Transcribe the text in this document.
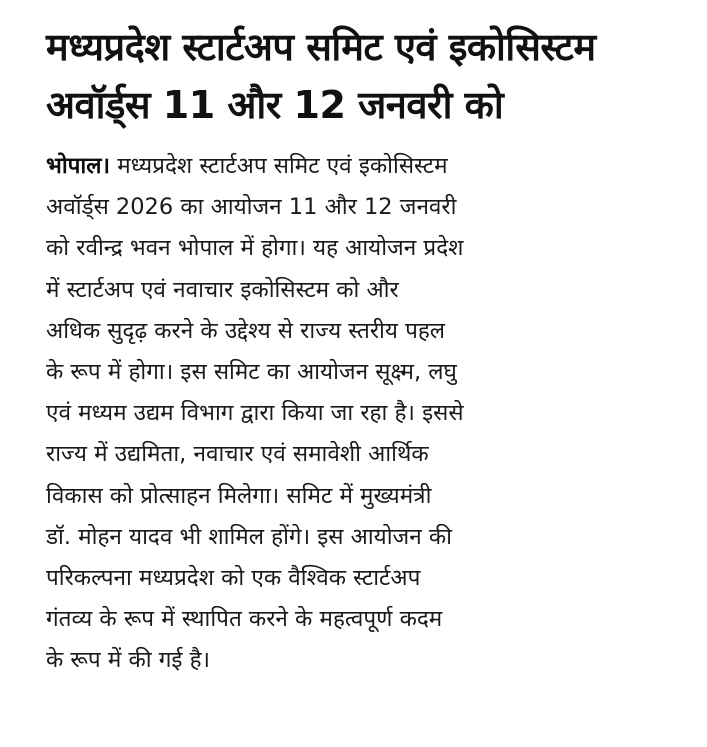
मध्यप्रदेश स्टार्टअप समिट एवं इकोसिस्टम
अवॉर्ड्स 11 और 12 जनवरी को
भोपाल। मध्यप्रदेश स्टार्टअप समिट एवं इकोसिस्टम
अवॉर्ड्स 2026 का आयोजन 11 और 12 जनवरी
को रवीन्द्र भवन भोपाल में होगा। यह आयोजन प्रदेश
में स्टार्टअप एवं नवाचार इकोसिस्टम को और
अधिक सुदृढ़ करने के उद्देश्य से राज्य स्तरीय पहल
के रूप में होगा। इस समिट का आयोजन सूक्ष्म, लघु
एवं मध्यम उद्यम विभाग द्वारा किया जा रहा है। इससे
राज्य में उद्यमिता, नवाचार एवं समावेशी आर्थिक
विकास को प्रोत्साहन मिलेगा। समिट में मुख्यमंत्री
डॉ. मोहन यादव भी शामिल होंगे। इस आयोजन की
परिकल्पना मध्यप्रदेश को एक वैश्विक स्टार्टअप
गंतव्य के रूप में स्थापित करने के महत्वपूर्ण कदम
के रूप में की गई है।
